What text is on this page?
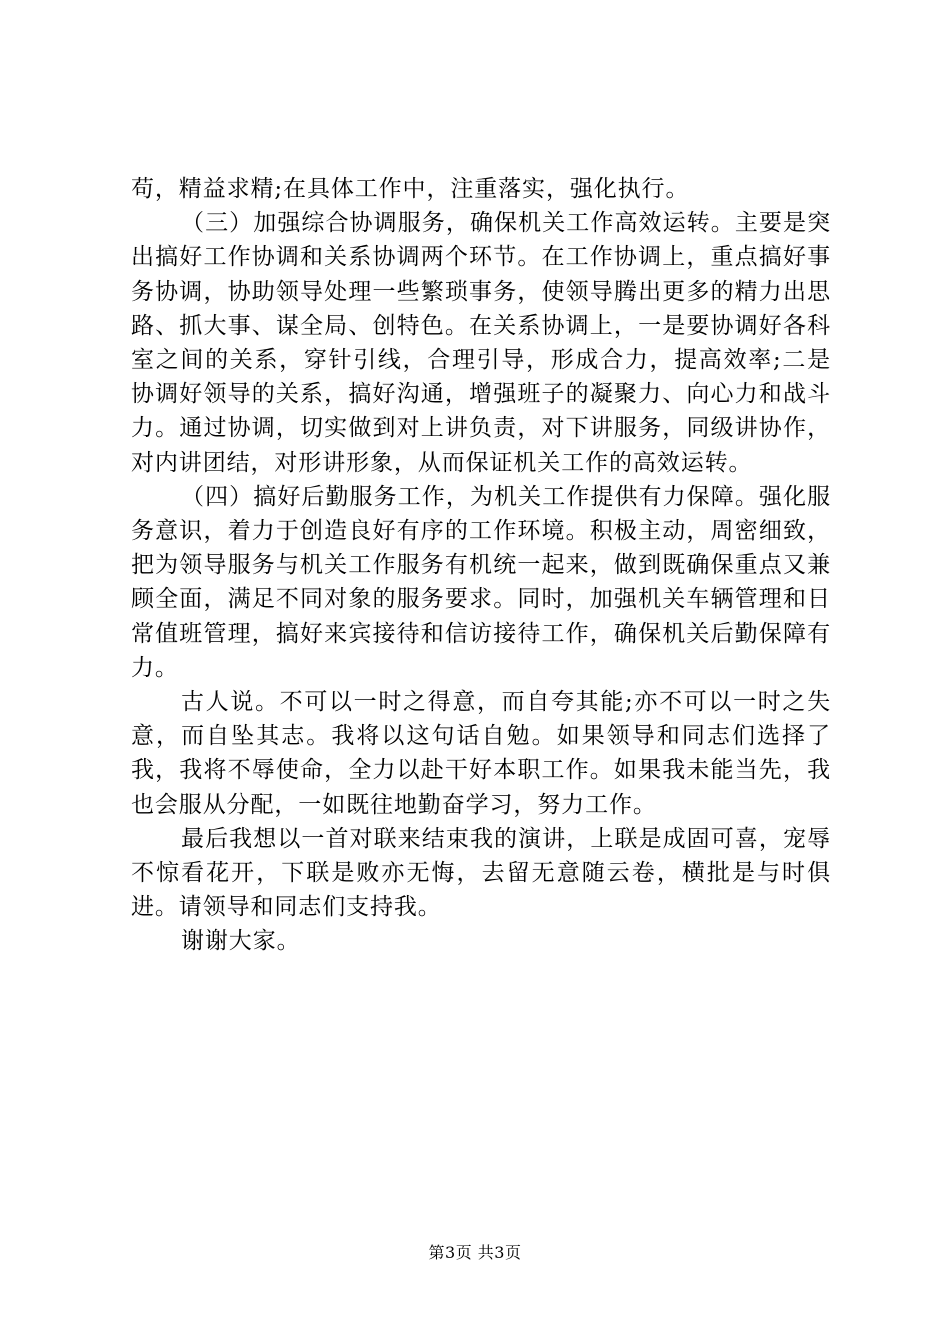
苟，精益求精;在具体工作中，注重落实，强化执行。

（三）加强综合协调服务，确保机关工作高效运转。主要是突出搞好工作协调和关系协调两个环节。在工作协调上，重点搞好事务协调，协助领导处理一些繁琐事务，使领导腾出更多的精力出思路、抓大事、谋全局、创特色。在关系协调上，一是要协调好各科室之间的关系，穿针引线，合理引导，形成合力，提高效率;二是协调好领导的关系，搞好沟通，增强班子的凝聚力、向心力和战斗力。通过协调，切实做到对上讲负责，对下讲服务，同级讲协作，对内讲团结，对形讲形象，从而保证机关工作的高效运转。

（四）搞好后勤服务工作，为机关工作提供有力保障。强化服务意识，着力于创造良好有序的工作环境。积极主动，周密细致，把为领导服务与机关工作服务有机统一起来，做到既确保重点又兼顾全面，满足不同对象的服务要求。同时，加强机关车辆管理和日常值班管理，搞好来宾接待和信访接待工作，确保机关后勤保障有力。

古人说。不可以一时之得意，而自夸其能;亦不可以一时之失意，而自坠其志。我将以这句话自勉。如果领导和同志们选择了我，我将不辱使命，全力以赴干好本职工作。如果我未能当先，我也会服从分配，一如既往地勤奋学习，努力工作。

最后我想以一首对联来结束我的演讲，上联是成固可喜，宠辱不惊看花开，下联是败亦无悔，去留无意随云卷，横批是与时俱进。请领导和同志们支持我。

谢谢大家。

第3页 共3页
